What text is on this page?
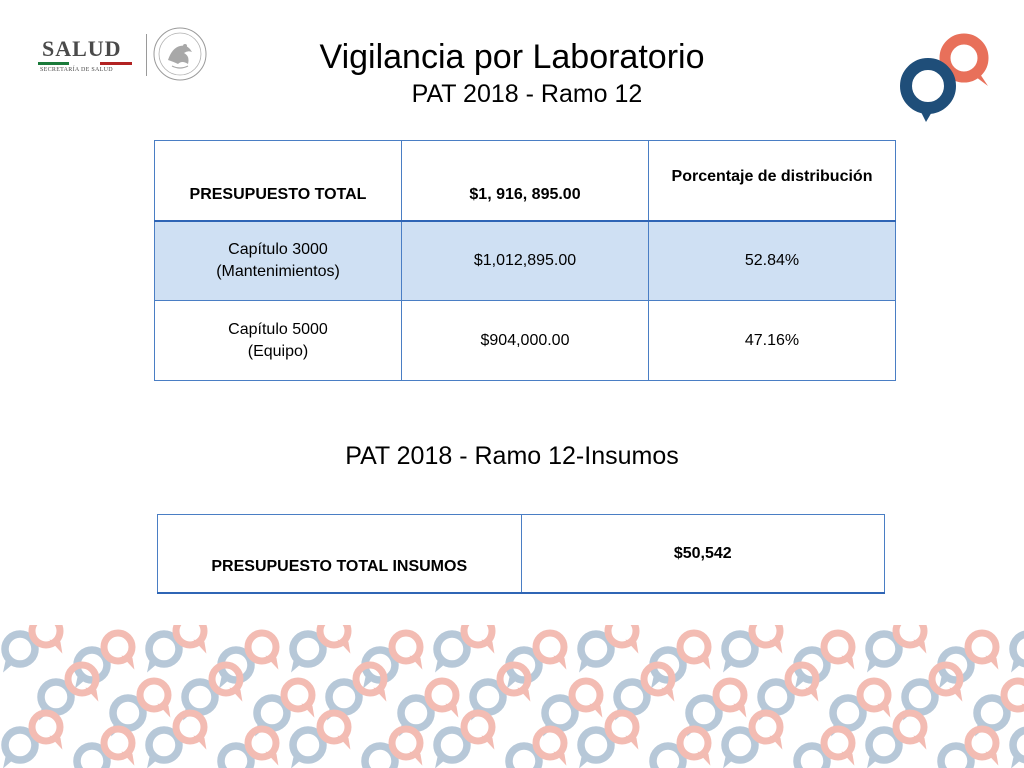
SALUD
SECRETARÍA DE SALUD	Vigilancia por Laboratorio
PAT 2018 - Ramo 12
PRESUPUESTO TOTAL	$1, 916, 895.00	Porcentaje de distribución

Capítulo 3000
(Mantenimientos)	$1,012,895.00	52.84%

Capítulo 5000
(Equipo)	$904,000.00	47.16%
PAT 2018 - Ramo 12-Insumos
PRESUPUESTO TOTAL INSUMOS	$50,542
